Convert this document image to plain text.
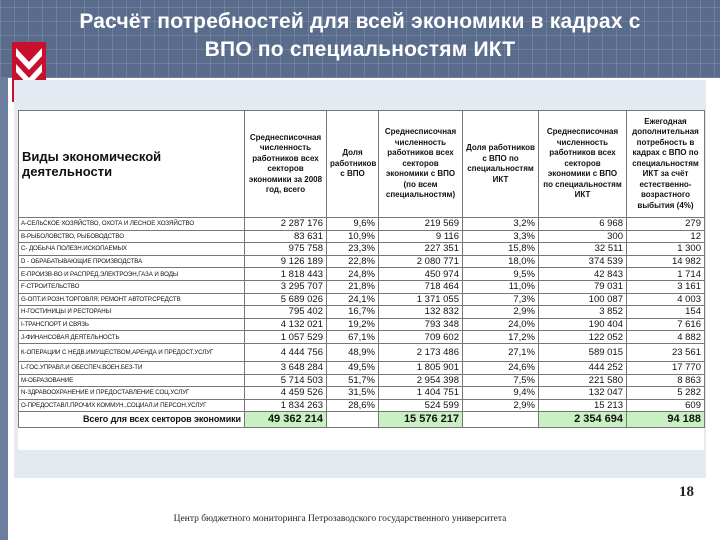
Расчёт потребностей для всей экономики в кадрах с
ВПО по специальностям ИКТ
Виды экономической деятельности	Среднесписочная численность работников всех секторов экономики за 2008 год, всего	Доля работников с ВПО	Среднесписочная численность работников всех секторов экономики с ВПО (по всем специальностям)	Доля работников с ВПО по специальностям ИКТ	Среднесписочная численность работников всех секторов экономики с ВПО по специальностям ИКТ	Ежегодная дополнительная потребность в кадрах с ВПО по специальностям ИКТ за счёт естественно-возрастного выбытия (4%)
А-СЕЛЬСКОЕ ХОЗЯЙСТВО, ОХОТА И ЛЕСНОЕ ХОЗЯЙСТВО	2 287 176	9,6%	219 569	3,2%	6 968	279
В-РЫБОЛОВСТВО, РЫБОВОДСТВО	83 631	10,9%	9 116	3,3%	300	12
С- ДОБЫЧА ПОЛЕЗН.ИСКОПАЕМЫХ	975 758	23,3%	227 351	15,8%	32 511	1 300
D - ОБРАБАТЫВАЮЩИЕ ПРОИЗВОДСТВА	9 126 189	22,8%	2 080 771	18,0%	374 539	14 982
Е-ПРОИЗВ-ВО И РАСПРЕД.ЭЛЕКТРОЭН,ГАЗА И ВОДЫ	1 818 443	24,8%	450 974	9,5%	42 843	1 714
F-СТРОИТЕЛЬСТВО	3 295 707	21,8%	718 464	11,0%	79 031	3 161
G-ОПТ.И РОЗН.ТОРГОВЛЯ; РЕМОНТ АВТОТР.СРЕДСТВ	5 689 026	24,1%	1 371 055	7,3%	100 087	4 003
Н-ГОСТИНИЦЫ И РЕСТОРАНЫ	795 402	16,7%	132 832	2,9%	3 852	154
I-ТРАНСПОРТ И СВЯЗЬ	4 132 021	19,2%	793 348	24,0%	190 404	7 616
J-ФИНАНСОВАЯ ДЕЯТЕЛЬНОСТЬ	1 057 529	67,1%	709 602	17,2%	122 052	4 882
К-ОПЕРАЦИИ С НЕДВ.ИМУЩЕСТВОМ,АРЕНДА И ПРЕДОСТ.УСЛУГ	4 444 756	48,9%	2 173 486	27,1%	589 015	23 561
L-ГОС.УПРАВЛ.И ОБЕСПЕЧ.ВОЕН.БЕЗ-ТИ	3 648 284	49,5%	1 805 901	24,6%	444 252	17 770
М-ОБРАЗОВАНИЕ	5 714 503	51,7%	2 954 398	7,5%	221 580	8 863
N-ЗДРАВООХРАНЕНИЕ И ПРЕДОСТАВЛЕНИЕ СОЦ.УСЛУГ	4 459 526	31,5%	1 404 751	9,4%	132 047	5 282
О-ПРЕДОСТАВЛ.ПРОЧИХ КОММУН.,СОЦИАЛ.И ПЕРСОН.УСЛУГ	1 834 263	28,6%	524 599	2,9%	15 213	609
Всего для всех секторов экономики	49 362 214		15 576 217		2 354 694	94 188
18
Центр бюджетного мониторинга Петрозаводского государственного университета
